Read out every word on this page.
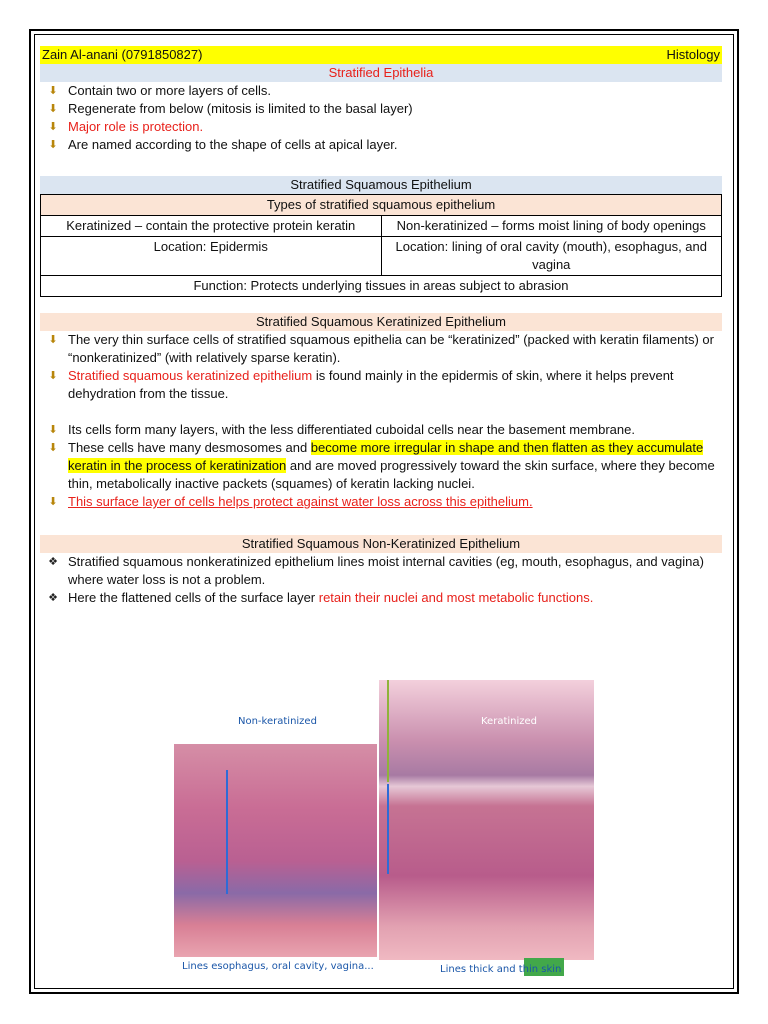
Zain Al-anani (0791850827)	Histology
Stratified Epithelia
⬇
Contain two or more layers of cells.
⬇
Regenerate from below (mitosis is limited to the basal layer)
⬇
Major role is protection.
⬇
Are named according to the shape of cells at apical layer.
Stratified Squamous Epithelium
Types of stratified squamous epithelium	
Keratinized – contain the protective protein keratin	Non-keratinized – forms moist lining of body openings
Location: Epidermis	Location: lining of oral cavity (mouth), esophagus, and vagina
Function: Protects underlying tissues in areas subject to abrasion	
Stratified Squamous Keratinized Epithelium
⬇
The very thin surface cells of stratified squamous epithelia can be “keratinized” (packed with keratin filaments) or “nonkeratinized” (with relatively sparse keratin).
⬇
Stratified squamous keratinized epithelium is found mainly in the epidermis of skin, where it helps prevent dehydration from the tissue.
⬇
Its cells form many layers, with the less differentiated cuboidal cells near the basement membrane.
⬇
These cells have many desmosomes and become more irregular in shape and then flatten as they accumulate keratin in the process of keratinization and are moved progressively toward the skin surface, where they become thin, metabolically inactive packets (squames) of keratin lacking nuclei.
⬇
This surface layer of cells helps protect against water loss across this epithelium.
Stratified Squamous Non-Keratinized Epithelium
❖ Stratified squamous nonkeratinized epithelium lines moist internal cavities (eg, mouth, esophagus, and vagina) where water loss is not a problem.
❖ Here the flattened cells of the surface layer retain their nuclei and most metabolic functions.
Non-keratinized	Keratinized
Lines esophagus, oral cavity, vagina...	Lines thick and thin skin
